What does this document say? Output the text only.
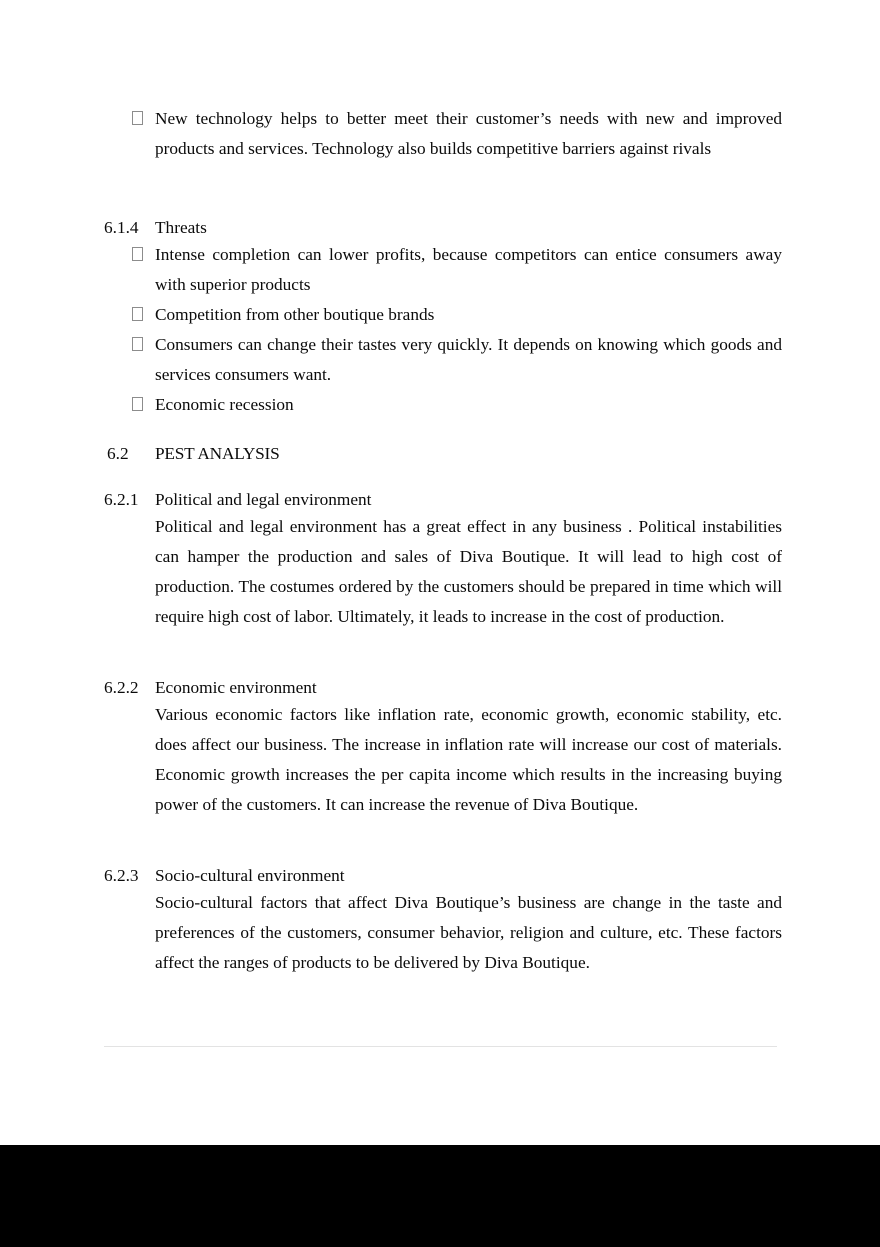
New technology helps to better meet their customer’s needs with new and improved products and services. Technology also builds competitive barriers against rivals
6.1.4 Threats
Intense completion can lower profits, because competitors can entice consumers away with superior products
Competition from other boutique brands
Consumers can change their tastes very quickly. It depends on knowing which goods and services consumers want.
Economic recession
6.2	PEST ANALYSIS
6.2.1 Political and legal environment

Political and legal environment has a great effect in any business . Political instabilities can hamper the production and sales of Diva Boutique. It will lead to high cost of production. The costumes ordered by the customers should be prepared in time which will require high cost of labor. Ultimately, it leads to increase in the cost of production.

6.2.2 Economic environment

Various economic factors like inflation rate, economic growth, economic stability, etc. does affect our business. The increase in inflation rate will increase our cost of materials. Economic growth increases the per capita income which results in the increasing buying power of the customers. It can increase the revenue of Diva Boutique.

6.2.3 Socio-cultural environment

Socio-cultural factors that affect Diva Boutique’s business are change in the taste and preferences of the customers, consumer behavior, religion and culture, etc. These factors affect the ranges of products to be delivered by Diva Boutique.
